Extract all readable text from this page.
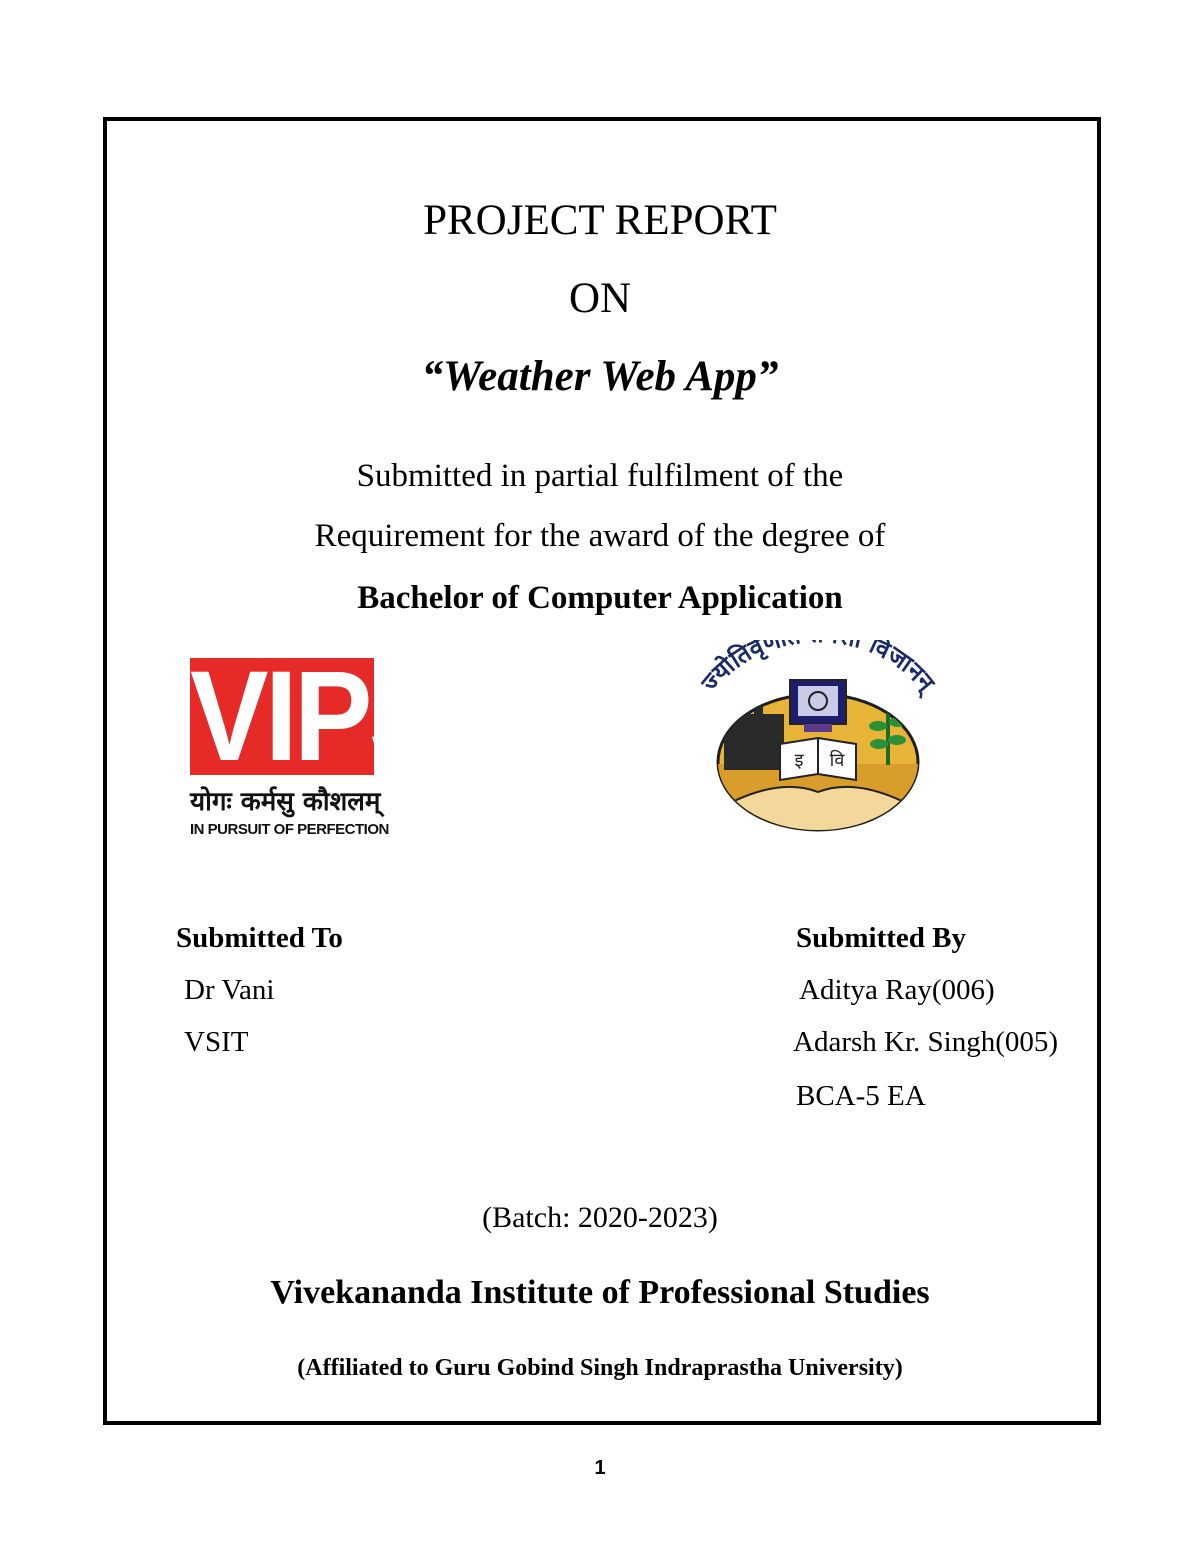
PROJECT REPORT
ON
“Weather Web App”
Submitted in partial fulfilment of the
Requirement for the award of the degree of
Bachelor of Computer Application
VIPS
योगः कर्मसु कौशलम्
IN PURSUIT OF PERFECTION
ज्योतिर्वृणी विजानन्
इ वि
Submitted To
Dr Vani
VSIT
Submitted By
Aditya Ray(006)
Adarsh Kr. Singh(005)
BCA-5 EA
(Batch: 2020-2023)
Vivekananda Institute of Professional Studies
(Affiliated to Guru Gobind Singh Indraprastha University)
1
